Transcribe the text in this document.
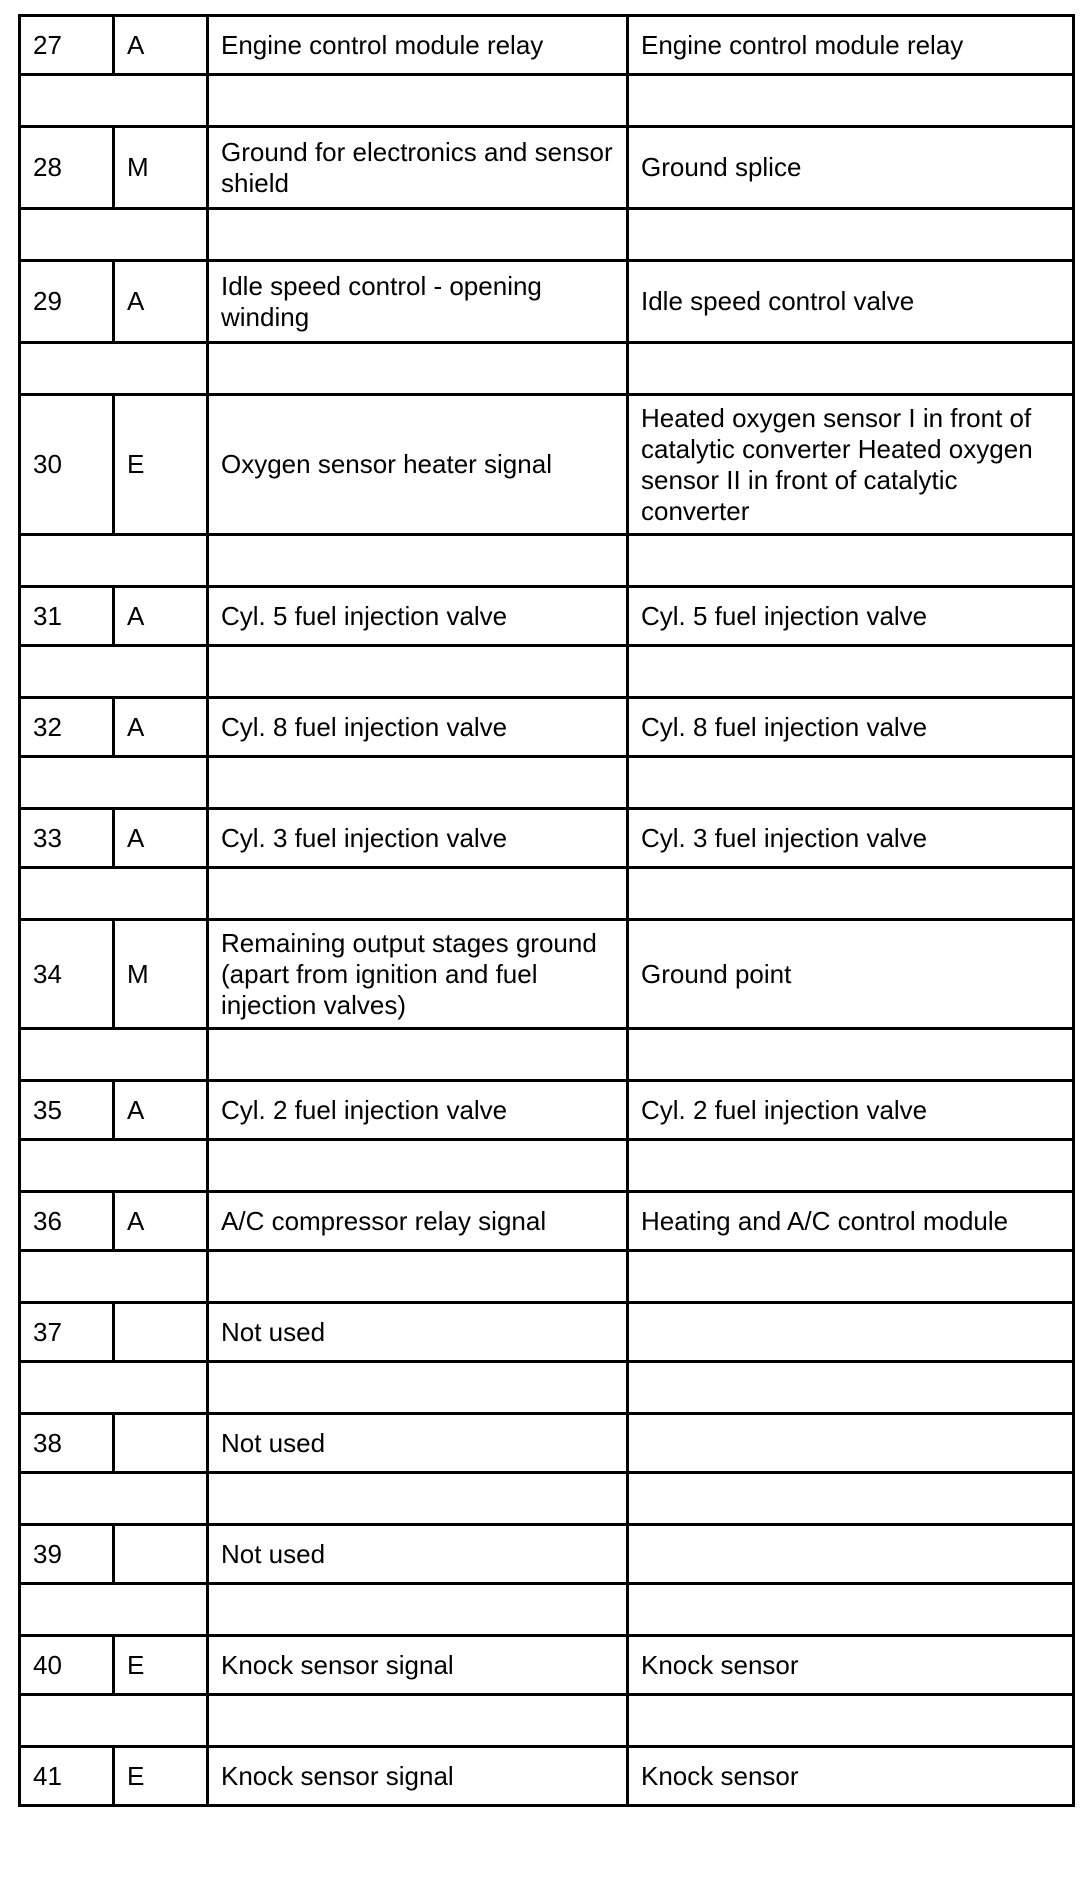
27	A	Engine control module relay	Engine control module relay

28	M	Ground for electronics and sensor shield	Ground splice

29	A	Idle speed control - opening winding	Idle speed control valve

30	E	Oxygen sensor heater signal	Heated oxygen sensor I in front of catalytic converter Heated oxygen sensor II in front of catalytic converter

31	A	Cyl. 5 fuel injection valve	Cyl. 5 fuel injection valve

32	A	Cyl. 8 fuel injection valve	Cyl. 8 fuel injection valve

33	A	Cyl. 3 fuel injection valve	Cyl. 3 fuel injection valve

34	M	Remaining output stages ground (apart from ignition and fuel injection valves)	Ground point

35	A	Cyl. 2 fuel injection valve	Cyl. 2 fuel injection valve

36	A	A/C compressor relay signal	Heating and A/C control module

37		Not used	

38		Not used	

39		Not used	

40	E	Knock sensor signal	Knock sensor

41	E	Knock sensor signal	Knock sensor
